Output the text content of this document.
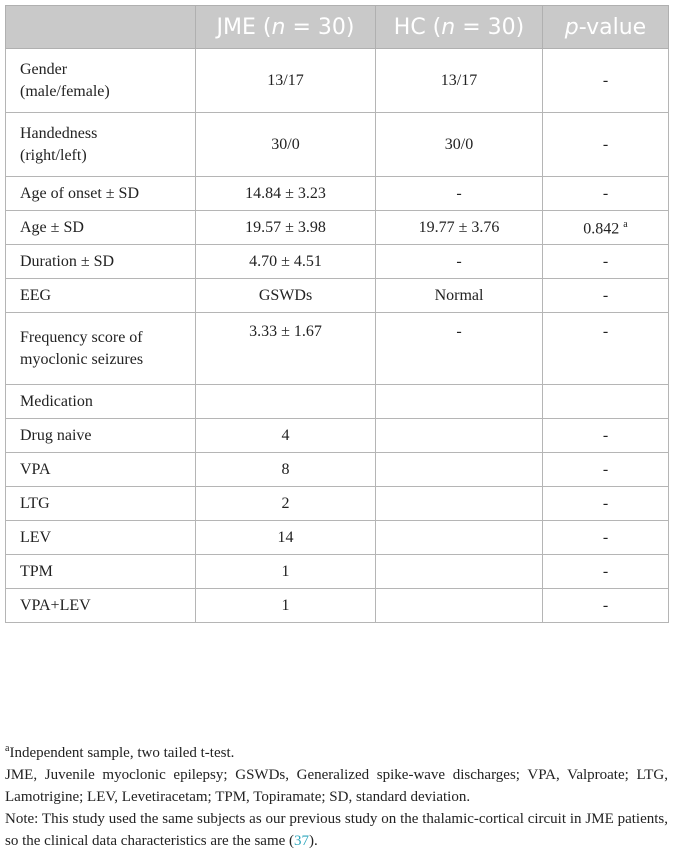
	JME (n = 30)	HC (n = 30)	p-value
Gender
(male/female)	13/17	13/17	-
Handedness
(right/left)	30/0	30/0	-
Age of onset ± SD	14.84 ± 3.23	-	-
Age ± SD	19.57 ± 3.98	19.77 ± 3.76	0.842 $^a$
Duration ± SD	4.70 ± 4.51	-	-
EEG	GSWDs	Normal	-
Frequency score of
myoclonic seizures	3.33 ± 1.67	-	-
Medication			
Drug naive	4		-
VPA	8		-
LTG	2		-
LEV	14		-
TPM	1		-
VPA+LEV	1		-

$^a$Independent sample, two tailed t-test.

JME, Juvenile myoclonic epilepsy; GSWDs, Generalized spike-wave discharges; VPA, Valproate; LTG, Lamotrigine; LEV, Levetiracetam; TPM, Topiramate; SD, standard deviation.

Note: This study used the same subjects as our previous study on the thalamic-cortical circuit in JME patients, so the clinical data characteristics are the same (37).
